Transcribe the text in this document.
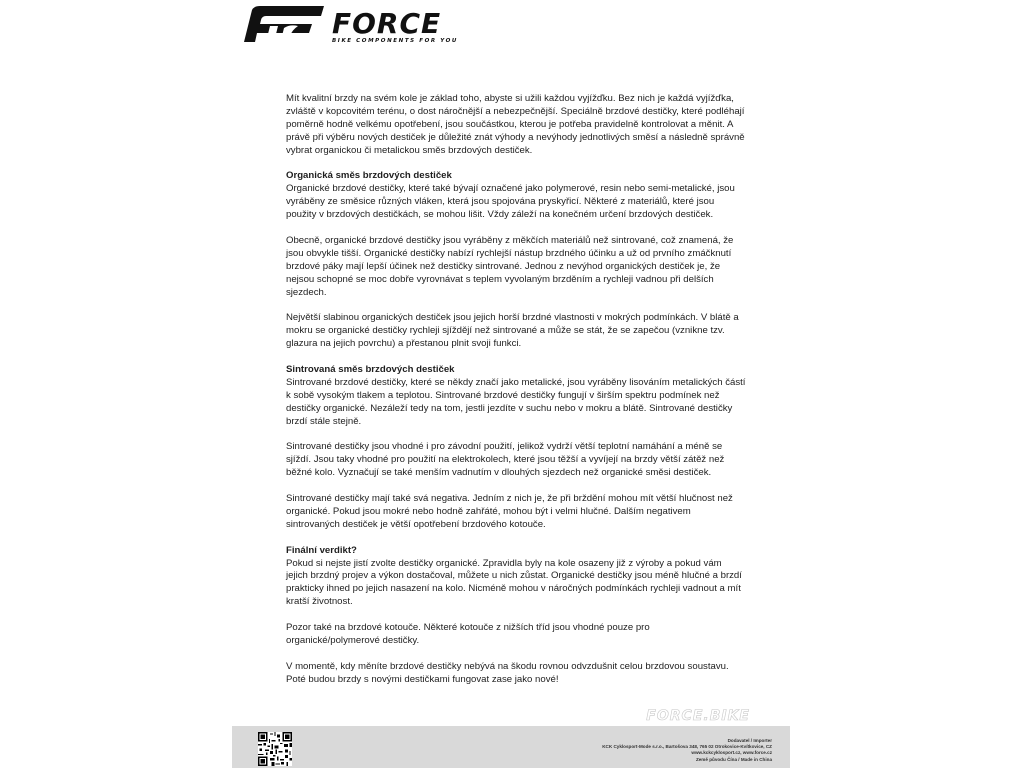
FORCE
BIKE COMPONENTS FOR YOU

Mít kvalitní brzdy na svém kole je základ toho, abyste si užili každou vyjížďku. Bez nich je každá vyjížďka, zvláště v kopcovitém terénu, o dost náročnější a nebezpečnější. Speciálně brzdové destičky, které podléhají poměrně hodně velkému opotřebení, jsou součástkou, kterou je potřeba pravidelně kontrolovat a měnit. A právě při výběru nových destiček je důležité znát výhody a nevýhody jednotlivých směsí a následně správně vybrat organickou či metalickou směs brzdových destiček.

Organická směs brzdových destiček

Organické brzdové destičky, které také bývají označené jako polymerové, resin nebo semi-metalické, jsou vyráběny ze směsice různých vláken, která jsou spojována pryskyřicí. Některé z materiálů, které jsou použity v brzdových destičkách, se mohou lišit. Vždy záleží na konečném určení brzdových destiček.

Obecně, organické brzdové destičky jsou vyráběny z měkčích materiálů než sintrované, což znamená, že jsou obvykle tišší. Organické destičky nabízí rychlejší nástup brzdného účinku a už od prvního zmáčknutí brzdové páky mají lepší účinek než destičky sintrované. Jednou z nevýhod organických destiček je, že nejsou schopné se moc dobře vyrovnávat s teplem vyvolaným brzděním a rychleji vadnou při delších sjezdech.

Největší slabinou organických destiček jsou jejich horší brzdné vlastnosti v mokrých podmínkách. V blátě a mokru se organické destičky rychleji sjíždějí než sintrované a může se stát, že se zapečou (vznikne tzv. glazura na jejich povrchu) a přestanou plnit svoji funkci.

Sintrovaná směs brzdových destiček

Sintrované brzdové destičky, které se někdy značí jako metalické, jsou vyráběny lisováním metalických částí k sobě vysokým tlakem a teplotou. Sintrované brzdové destičky fungují v širším spektru podmínek než destičky organické. Nezáleží tedy na tom, jestli jezdíte v suchu nebo v mokru a blátě. Sintrované destičky brzdí stále stejně.

Sintrované destičky jsou vhodné i pro závodní použití, jelikož vydrží větší teplotní namáhání a méně se sjíždí. Jsou taky vhodné pro použití na elektrokolech, které jsou těžší a vyvíjejí na brzdy větší zátěž než běžné kolo. Vyznačují se také menším vadnutím v dlouhých sjezdech než organické směsi destiček.

Sintrované destičky mají také svá negativa. Jedním z nich je, že při brždění mohou mít větší hlučnost než organické. Pokud jsou mokré nebo hodně zahřáté, mohou být i velmi hlučné. Dalším negativem sintrovaných destiček je větší opotřebení brzdového kotouče.

Finální verdikt?

Pokud si nejste jistí zvolte destičky organické. Zpravidla byly na kole osazeny již z výroby a pokud vám jejich brzdný projev a výkon dostačoval, můžete u nich zůstat. Organické destičky jsou méně hlučné a brzdí prakticky ihned po jejich nasazení na kolo. Nicméně mohou v náročných podmínkách rychleji vadnout a mít kratší životnost.

Pozor také na brzdové kotouče. Některé kotouče z nižších tříd jsou vhodné pouze pro organické/polymerové destičky.

V momentě, kdy měníte brzdové destičky nebývá na škodu rovnou odvzdušnit celou brzdovou soustavu. Poté budou brzdy s novými destičkami fungovat zase jako nové!

FORCE.BIKE
Dodavatel / Importer
KCK Cyklosport-Mode s.r.o., Bartošova 348, 765 02 Otrokovice-Kvítkovice, CZ
www.kckcyklosport.cz, www.force.cz
Země původu Čína / Made in China
